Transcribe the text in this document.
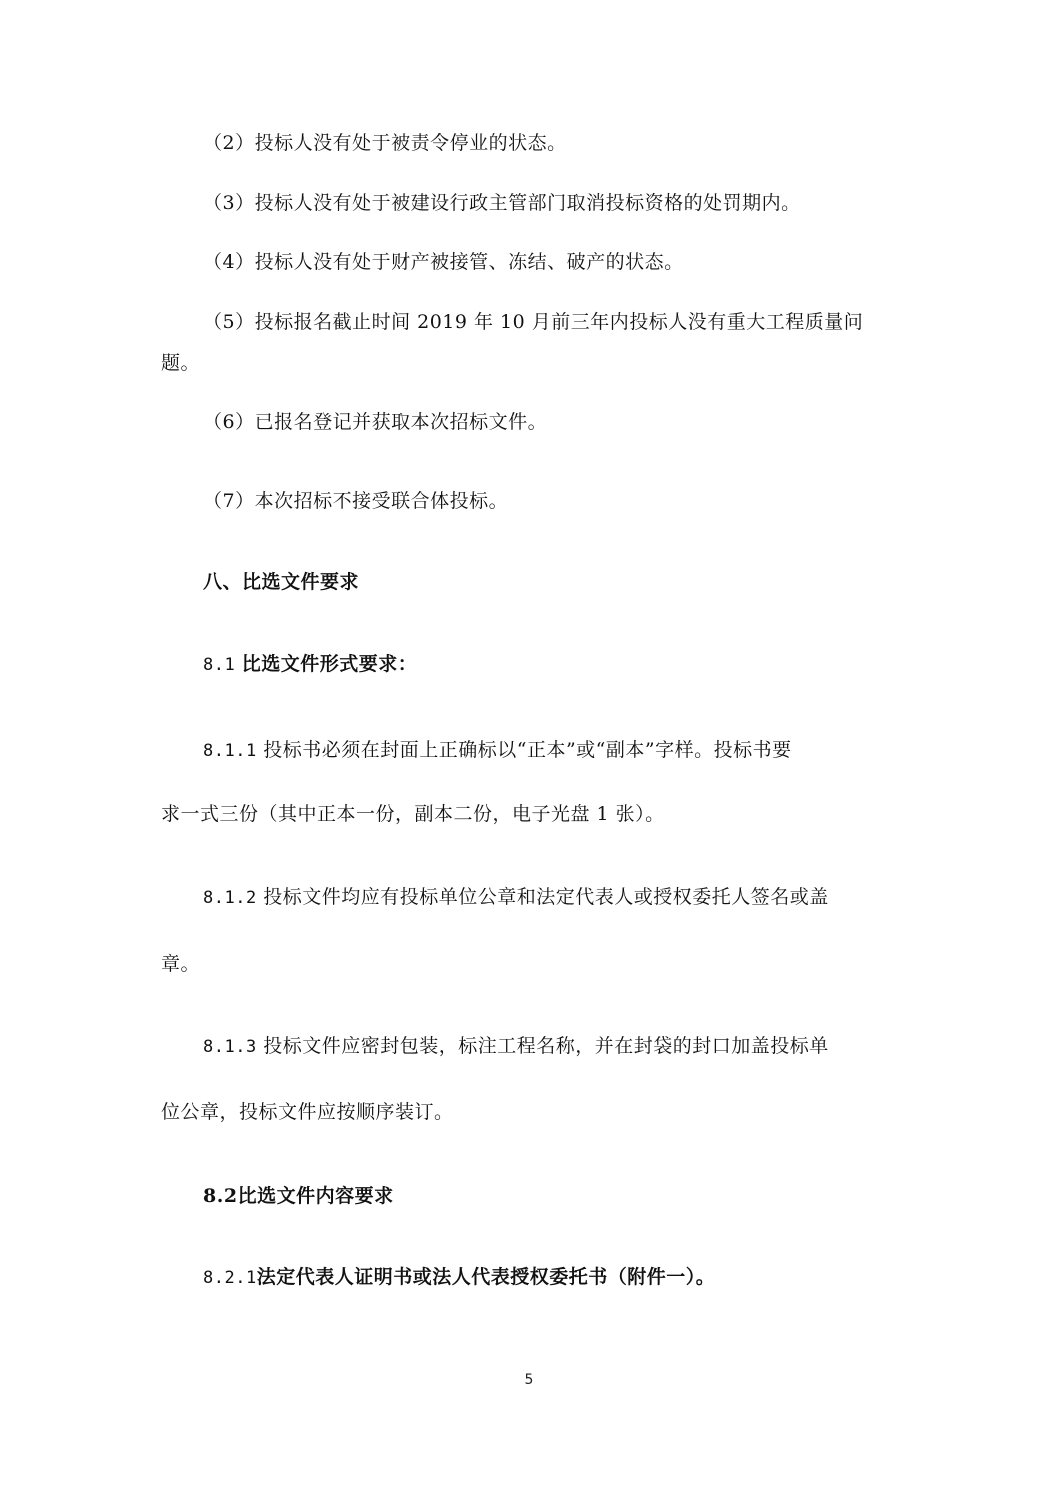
（2）投标人没有处于被责令停业的状态。
（3）投标人没有处于被建设行政主管部门取消投标资格的处罚期内。
（4）投标人没有处于财产被接管、冻结、破产的状态。
（5）投标报名截止时间 2019 年 10 月前三年内投标人没有重大工程质量问
题。
（6）已报名登记并获取本次招标文件。
（7）本次招标不接受联合体投标。
八、比选文件要求
8.1 比选文件形式要求：
8.1.1 投标书必须在封面上正确标以“正本”或“副本”字样。投标书要
求一式三份（其中正本一份，副本二份，电子光盘 1 张）。
8.1.2 投标文件均应有投标单位公章和法定代表人或授权委托人签名或盖
章。
8.1.3 投标文件应密封包装，标注工程名称，并在封袋的封口加盖投标单
位公章，投标文件应按顺序装订。
8.2比选文件内容要求
8.2.1法定代表人证明书或法人代表授权委托书（附件一）。
5
